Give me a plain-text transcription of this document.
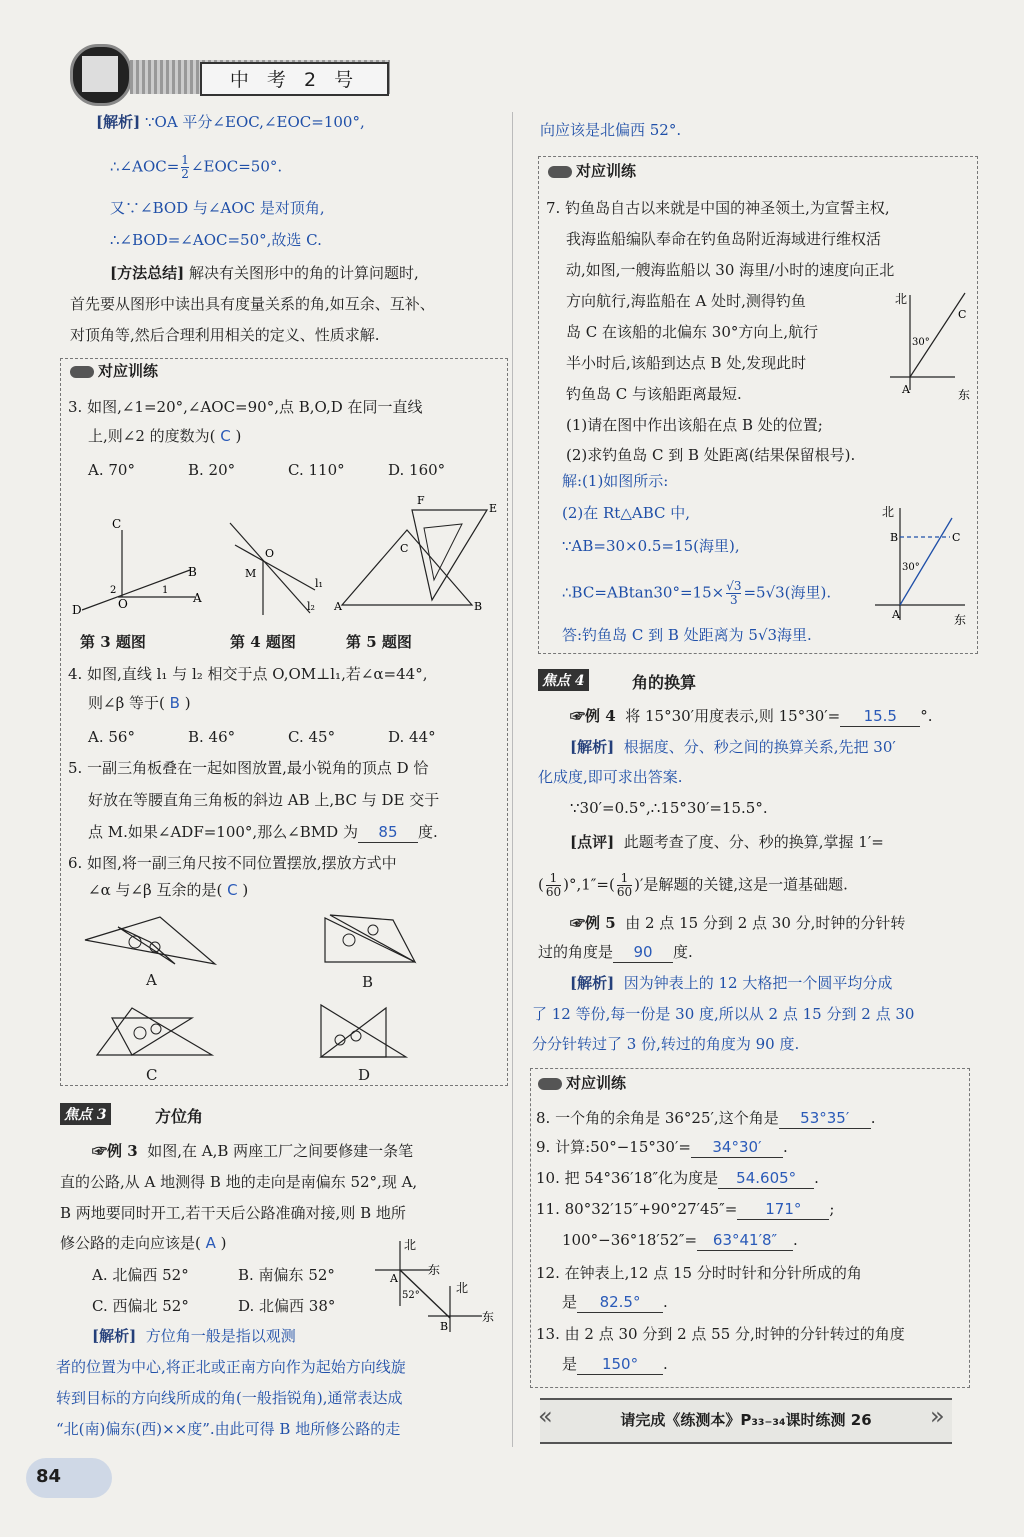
中 考 2 号
[解析] ∵OA 平分∠EOC,∠EOC=100°,
∴∠AOC= $\frac{1}{2}$ ∠EOC=50°.
又∵∠BOD 与∠AOC 是对顶角,
∴∠BOD=∠AOC=50°,故选 C.
[方法总结] 解决有关图形中的角的计算问题时,
首先要从图形中读出具有度量关系的角,如互余、互补、
对顶角等,然后合理利用相关的定义、性质求解.
对应训练
3. 如图,∠1=20°,∠AOC=90°,点 B,O,D 在同一直线
上,则∠2 的度数为( C )
A. 70°	B. 20°	C. 110°	D. 160°
C
B
A
D	O
2	1
O
M
l₁
l₂
F
E
C
A	B
第 3 题图	第 4 题图	第 5 题图
4. 如图,直线 l₁ 与 l₂ 相交于点 O,OM⊥l₁,若∠α=44°,
则∠β 等于( B )
A. 56°	B. 46°	C. 45°	D. 44°
5. 一副三角板叠在一起如图放置,最小锐角的顶点 D 恰
好放在等腰直角三角板的斜边 AB 上,BC 与 DE 交于
点 M.如果∠ADF=100°,那么∠BMD 为 85 度.
6. 如图,将一副三角尺按不同位置摆放,摆放方式中
∠α 与∠β 互余的是( C )
A	B
C	D
焦点 3	方位角
☞例 3 如图,在 A,B 两座工厂之间要修建一条笔
直的公路,从 A 地测得 B 地的走向是南偏东 52°,现 A,
B 两地要同时开工,若干天后公路准确对接,则 B 地所
修公路的走向应该是( A )
A. 北偏西 52°	B. 南偏东 52°
C. 西偏北 52°	D. 北偏西 38°
北
东
A
52°
北
东
B
[解析] 方位角一般是指以观测
者的位置为中心,将正北或正南方向作为起始方向线旋
转到目标的方向线所成的角(一般指锐角),通常表达成
“北(南)偏东(西)××度”.由此可得 B 地所修公路的走
84
向应该是北偏西 52°.
对应训练
7. 钓鱼岛自古以来就是中国的神圣领土,为宣誓主权,
我海监船编队奉命在钓鱼岛附近海域进行维权活
动,如图,一艘海监船以 30 海里/小时的速度向正北
方向航行,海监船在 A 处时,测得钓鱼
岛 C 在该船的北偏东 30°方向上,航行
半小时后,该船到达点 B 处,发现此时
钓鱼岛 C 与该船距离最短.
(1)请在图中作出该船在点 B 处的位置;
(2)求钓鱼岛 C 到 B 处距离(结果保留根号).
北
东
C
30°
A
解:(1)如图所示:
(2)在 Rt△ABC 中,
∵AB=30×0.5=15(海里),
∴BC=ABtan30°=15× $\frac{√3}{3} =5√3$(海里).
答:钓鱼岛 C 到 B 处距离为 5√3海里.
北
东
B	C
30°
A
焦点 4	角的换算
☞例 4 将 15°30′用度表示,则 15°30′= 15.5 °.
[解析] 根据度、分、秒之间的换算关系,先把 30′
化成度,即可求出答案.
∵30′=0.5°,∴15°30′=15.5°.
[点评] 此题考查了度、分、秒的换算,掌握 1′=
( $\frac{1}{60} )^\circ,1''=( \frac{1}{60}$ )′是解题的关键,这是一道基础题.
☞例 5 由 2 点 15 分到 2 点 30 分,时钟的分针转
过的角度是 90 度.
[解析] 因为钟表上的 12 大格把一个圆平均分成
了 12 等份,每一份是 30 度,所以从 2 点 15 分到 2 点 30
分分针转过了 3 份,转过的角度为 90 度.
对应训练
8. 一个角的余角是 36°25′,这个角是 53°35′ .
9. 计算:50°−15°30′= 34°30′ .
10. 把 54°36′18″化为度是 54.605° .
11. 80°32′15″+90°27′45″= 171° ;
100°−36°18′52″= 63°41′8″ .
12. 在钟表上,12 点 15 分时时针和分针所成的角
是 82.5° .
13. 由 2 点 30 分到 2 点 55 分,时钟的分针转过的角度
是 150° .
«	»
请完成《练测本》P₃₃₋₃₄课时练测 26
